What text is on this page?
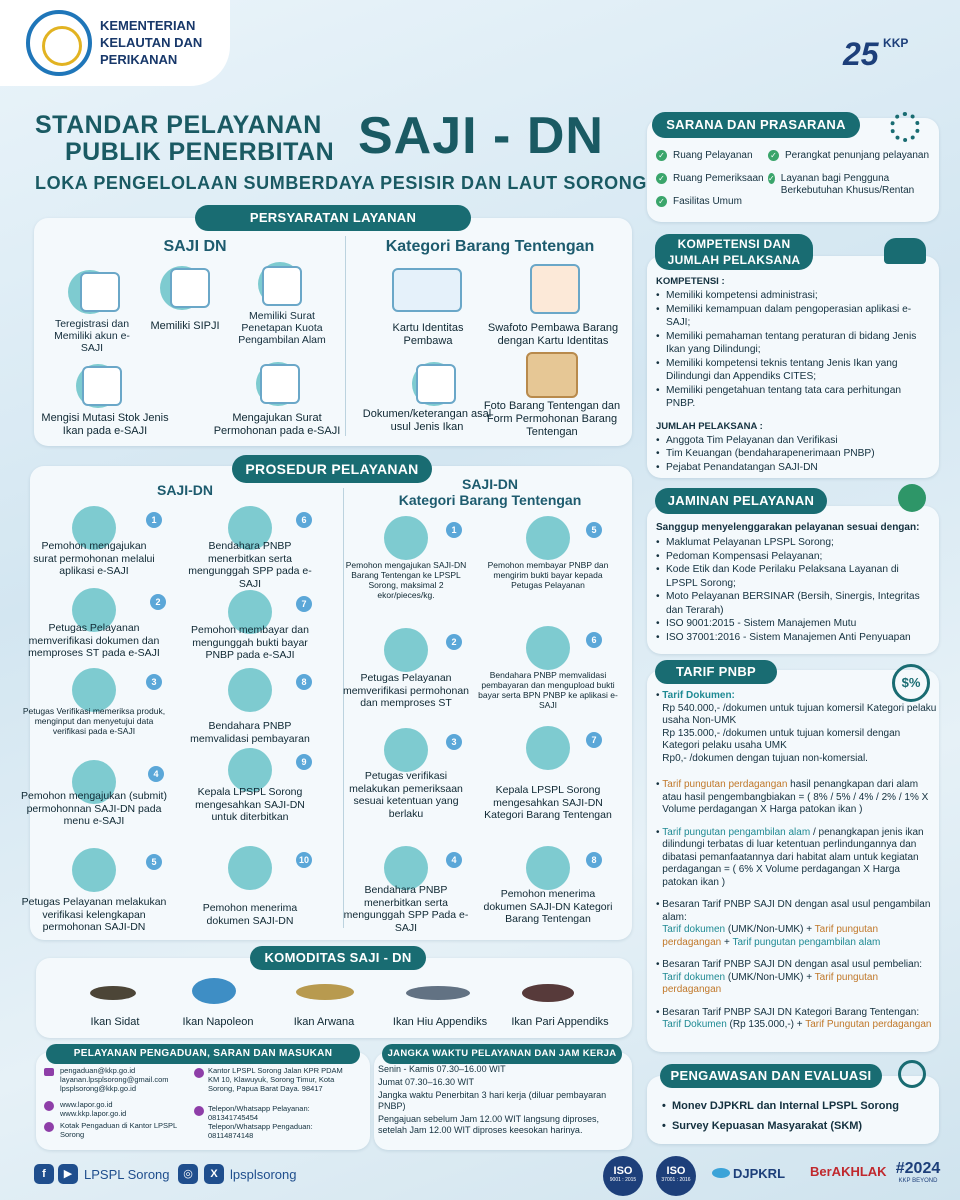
KEMENTERIAN
KELAUTAN DAN
PERIKANAN	25 $^{KKP}$
STANDAR PELAYANAN
PUBLIK PENERBITAN SAJI - DN
LOKA PENGELOLAAN SUMBERDAYA PESISIR DAN LAUT SORONG
PERSYARATAN LAYANAN
SAJI DN	Kategori Barang Tentengan
Teregistrasi dan Memiliki akun e-SAJI
Memiliki SIPJI
Memiliki Surat Penetapan Kuota Pengambilan Alam
Mengisi Mutasi Stok Jenis Ikan pada e-SAJI
Mengajukan Surat Permohonan pada e-SAJI
Kartu Identitas Pembawa
Swafoto Pembawa Barang dengan Kartu Identitas
Dokumen/keterangan asal usul Jenis Ikan
Foto Barang Tentengan dan Form Permohonan Barang Tentengan
PROSEDUR PELAYANAN
SAJI-DN	SAJI-DN
Kategori Barang Tentengan
1
Pemohon mengajukan surat permohonan melalui aplikasi e-SAJI
2
Petugas Pelayanan memverifikasi dokumen dan memproses ST pada e-SAJI
3
Petugas Verifikasi memeriksa produk, menginput dan menyetujui data verifikasi pada e-SAJI
4
Pemohon mengajukan (submit) permohonnan SAJI-DN pada menu e-SAJI
5
Petugas Pelayanan melakukan verifikasi kelengkapan permohonan SAJI-DN
6
Bendahara PNBP menerbitkan serta mengunggah SPP pada e-SAJI
7
Pemohon membayar dan mengunggah bukti bayar PNBP pada e-SAJI
8
Bendahara PNBP memvalidasi pembayaran
9
Kepala LPSPL Sorong mengesahkan SAJI-DN untuk diterbitkan
10
Pemohon menerima dokumen SAJI-DN
1
Pemohon mengajukan SAJI-DN Barang Tentengan ke LPSPL Sorong, maksimal 2 ekor/pieces/kg.
2
Petugas Pelayanan memverifikasi permohonan dan memproses ST
3
Petugas verifikasi melakukan pemeriksaan sesuai ketentuan yang berlaku
4
Bendahara PNBP menerbitkan serta mengunggah SPP Pada e-SAJI
5
Pemohon membayar PNBP dan mengirim bukti bayar kepada Petugas Pelayanan
6
Bendahara PNBP memvalidasi pembayaran dan mengupload bukti bayar serta BPN PNBP ke aplikasi e-SAJI
7
Kepala LPSPL Sorong mengesahkan SAJI-DN Kategori Barang Tentengan
8
Pemohon menerima dokumen SAJI-DN Kategori Barang Tentengan
KOMODITAS SAJI - DN
Ikan Sidat	Ikan Napoleon	Ikan Arwana	Ikan Hiu Appendiks	Ikan Pari Appendiks
PELAYANAN PENGADUAN, SARAN DAN MASUKAN
pengaduan@kkp.go.id
layanan.lpsplsorong@gmail.com
lpsplsorong@kkp.go.id
www.lapor.go.id
www.kkp.lapor.go.id
Kotak Pengaduan di Kantor LPSPL Sorong
Kantor LPSPL Sorong Jalan KPR PDAM KM 10, Klawuyuk, Sorong Timur, Kota Sorong, Papua Barat Daya. 98417
Telepon/Whatsapp Pelayanan:
081341745454
Telepon/Whatsapp Pengaduan:
08114874148
JANGKA WAKTU PELAYANAN DAN JAM KERJA
Senin - Kamis 07.30–16.00 WIT
Jumat 07.30–16.30 WIT
Jangka waktu Penerbitan 3 hari kerja (diluar pembayaran PNBP)
Pengajuan sebelum Jam 12.00 WIT langsung diproses, setelah Jam 12.00 WIT diproses keesokan harinya.
SARANA DAN PRASARANA
✓ Ruang Pelayanan
✓ Ruang Pemeriksaan
✓ Fasilitas Umum
✓ Perangkat penunjang pelayanan
✓ Layanan bagi Pengguna Berkebutuhan Khusus/Rentan
KOMPETENSI DAN
JUMLAH PELAKSANA
KOMPETENSI :
• Memiliki kompetensi administrasi;
• Memiliki kemampuan dalam pengoperasian aplikasi e-SAJI;
• Memiliki pemahaman tentang peraturan di bidang Jenis Ikan yang Dilindungi;
• Memiliki kompetensi teknis tentang Jenis Ikan yang Dilindungi dan Appendiks CITES;
• Memiliki pengetahuan tentang tata cara perhitungan PNBP.
JUMLAH PELAKSANA :
• Anggota Tim Pelayanan dan Verifikasi
• Tim Keuangan (bendaharapenerimaan PNBP)
• Pejabat Penandatangan SAJI-DN
JAMINAN PELAYANAN
Sanggup menyelenggarakan pelayanan sesuai dengan:
• Maklumat Pelayanan LPSPL Sorong;
• Pedoman Kompensasi Pelayanan;
• Kode Etik dan Kode Perilaku Pelaksana Layanan di LPSPL Sorong;
• Moto Pelayanan BERSINAR (Bersih, Sinergis, Integritas dan Terarah)
• ISO 9001:2015 - Sistem Manajemen Mutu
• ISO 37001:2016 - Sistem Manajemen Anti Penyuapan
TARIF PNBP
$%
• Tarif Dokumen:
Rp 540.000,- /dokumen untuk tujuan komersil Kategori pelaku usaha Non-UMK
Rp 135.000,- /dokumen untuk tujuan komersil dengan Kategori pelaku usaha UMK
Rp0,- /dokumen dengan tujuan non-komersial.
• Tarif pungutan perdagangan hasil penangkapan dari alam atau hasil pengembangbiakan = ( 8% / 5% / 4% / 2% / 1% X Volume perdagangan X Harga patokan ikan )
• Tarif pungutan pengambilan alam / penangkapan jenis ikan dilindungi terbatas di luar ketentuan perlindungannya dan dibatasi pemanfaatannya dari habitat alam untuk kegiatan perdagangan = ( 6% X Volume perdagangan X Harga patokan ikan )
• Besaran Tarif PNBP SAJI DN dengan asal usul pengambilan alam:
Tarif dokumen (UMK/Non-UMK) + Tarif pungutan perdagangan + Tarif pungutan pengambilan alam
• Besaran Tarif PNBP SAJI DN dengan asal usul pembelian:
Tarif dokumen (UMK/Non-UMK) + Tarif pungutan perdagangan
• Besaran Tarif PNBP SAJI DN Kategori Barang Tentengan:
Tarif Dokumen (Rp 135.000,-) + Tarif Pungutan perdagangan
PENGAWASAN DAN EVALUASI
•  Monev DJPKRL dan Internal LPSPL Sorong
•  Survey Kepuasan Masyarakat (SKM)
f	▶ LPSPL Sorong	◎	X lpsplsorong	ISO
9001 : 2015
ISO
37001 : 2016	DJPKRL BerAKHLAK #2024
KKP BEYOND
